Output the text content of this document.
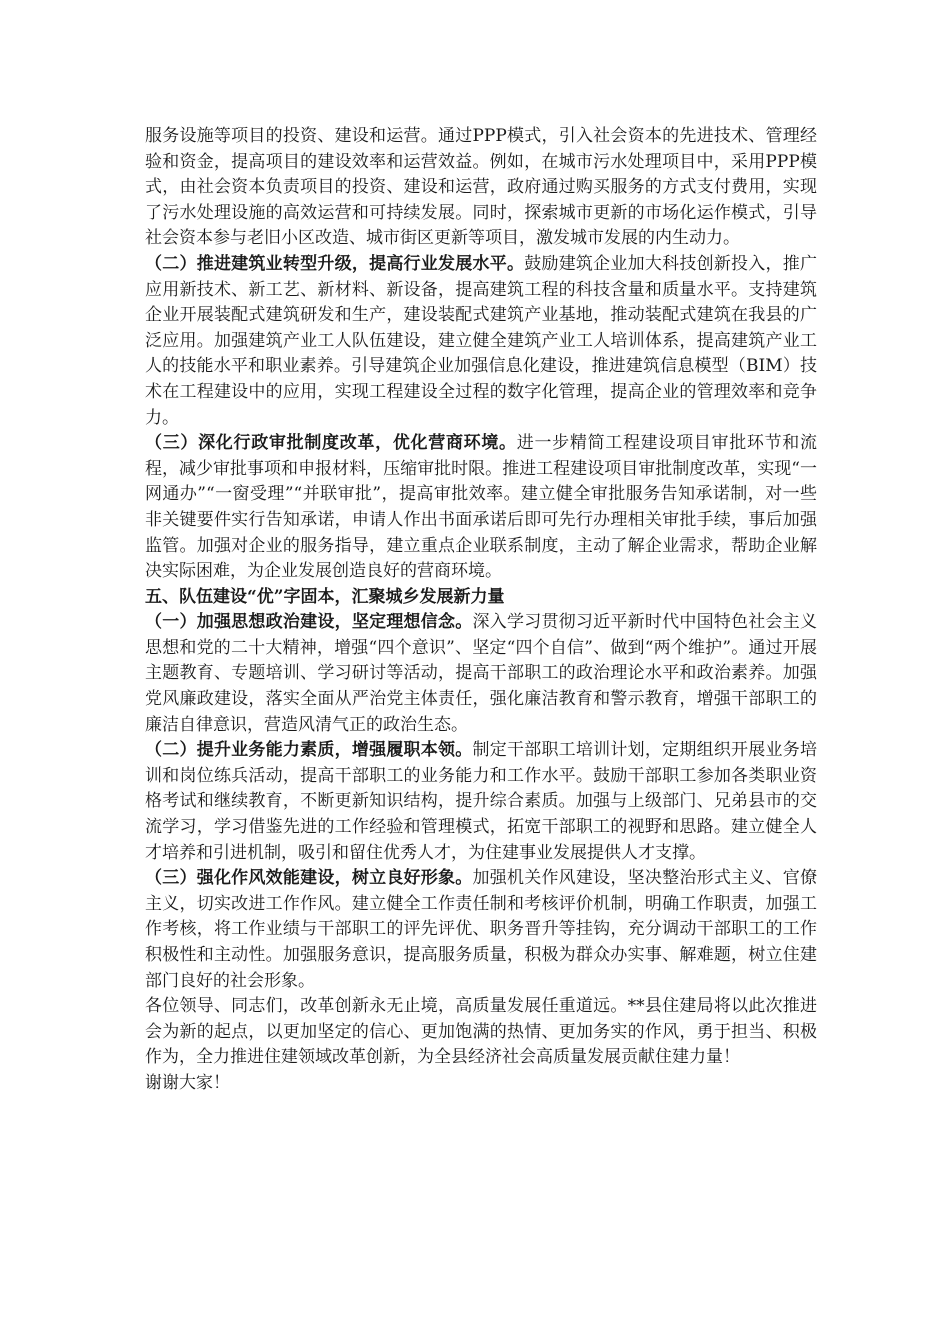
服务设施等项目的投资、建设和运营。通过PPP模式，引入社会资本的先进技术、管理经验和资金，提高项目的建设效率和运营效益。例如，在城市污水处理项目中，采用PPP模式，由社会资本负责项目的投资、建设和运营，政府通过购买服务的方式支付费用，实现了污水处理设施的高效运营和可持续发展。同时，探索城市更新的市场化运作模式，引导社会资本参与老旧小区改造、城市街区更新等项目，激发城市发展的内生动力。

（二）推进建筑业转型升级，提高行业发展水平。鼓励建筑企业加大科技创新投入，推广应用新技术、新工艺、新材料、新设备，提高建筑工程的科技含量和质量水平。支持建筑企业开展装配式建筑研发和生产，建设装配式建筑产业基地，推动装配式建筑在我县的广泛应用。加强建筑产业工人队伍建设，建立健全建筑产业工人培训体系，提高建筑产业工人的技能水平和职业素养。引导建筑企业加强信息化建设，推进建筑信息模型（BIM）技术在工程建设中的应用，实现工程建设全过程的数字化管理，提高企业的管理效率和竞争力。

（三）深化行政审批制度改革，优化营商环境。进一步精简工程建设项目审批环节和流程，减少审批事项和申报材料，压缩审批时限。推进工程建设项目审批制度改革，实现“一网通办”“一窗受理”“并联审批”，提高审批效率。建立健全审批服务告知承诺制，对一些非关键要件实行告知承诺，申请人作出书面承诺后即可先行办理相关审批手续，事后加强监管。加强对企业的服务指导，建立重点企业联系制度，主动了解企业需求，帮助企业解决实际困难，为企业发展创造良好的营商环境。

五、队伍建设“优”字固本，汇聚城乡发展新力量

（一）加强思想政治建设，坚定理想信念。深入学习贯彻习近平新时代中国特色社会主义思想和党的二十大精神，增强“四个意识”、坚定“四个自信”、做到“两个维护”。通过开展主题教育、专题培训、学习研讨等活动，提高干部职工的政治理论水平和政治素养。加强党风廉政建设，落实全面从严治党主体责任，强化廉洁教育和警示教育，增强干部职工的廉洁自律意识，营造风清气正的政治生态。

（二）提升业务能力素质，增强履职本领。制定干部职工培训计划，定期组织开展业务培训和岗位练兵活动，提高干部职工的业务能力和工作水平。鼓励干部职工参加各类职业资格考试和继续教育，不断更新知识结构，提升综合素质。加强与上级部门、兄弟县市的交流学习，学习借鉴先进的工作经验和管理模式，拓宽干部职工的视野和思路。建立健全人才培养和引进机制，吸引和留住优秀人才，为住建事业发展提供人才支撑。

（三）强化作风效能建设，树立良好形象。加强机关作风建设，坚决整治形式主义、官僚主义，切实改进工作作风。建立健全工作责任制和考核评价机制，明确工作职责，加强工作考核，将工作业绩与干部职工的评先评优、职务晋升等挂钩，充分调动干部职工的工作积极性和主动性。加强服务意识，提高服务质量，积极为群众办实事、解难题，树立住建部门良好的社会形象。

各位领导、同志们，改革创新永无止境，高质量发展任重道远。**县住建局将以此次推进会为新的起点，以更加坚定的信心、更加饱满的热情、更加务实的作风，勇于担当、积极作为，全力推进住建领域改革创新，为全县经济社会高质量发展贡献住建力量！

谢谢大家！
